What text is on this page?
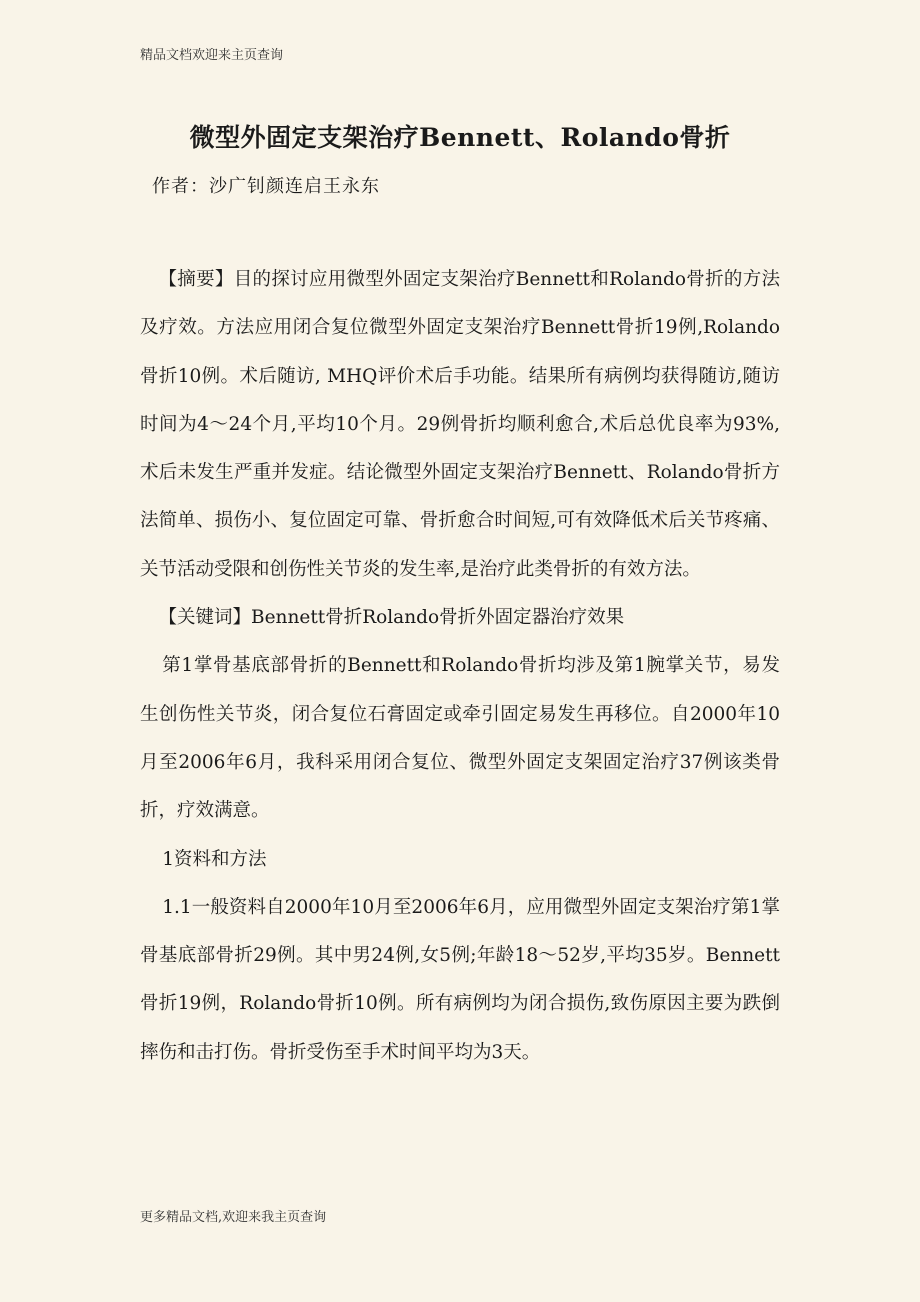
精品文档欢迎来主页查询
微型外固定支架治疗Bennett、Rolando骨折
作者：沙广钊颜连启王永东

【摘要】目的探讨应用微型外固定支架治疗Bennett和Rolando骨折的方法及疗效。方法应用闭合复位微型外固定支架治疗Bennett骨折19例,Rolando骨折10例。术后随访, MHQ评价术后手功能。结果所有病例均获得随访,随访时间为4～24个月,平均10个月。29例骨折均顺利愈合,术后总优良率为93%,术后未发生严重并发症。结论微型外固定支架治疗Bennett、Rolando骨折方法简单、损伤小、复位固定可靠、骨折愈合时间短,可有效降低术后关节疼痛、关节活动受限和创伤性关节炎的发生率,是治疗此类骨折的有效方法。

【关键词】Bennett骨折Rolando骨折外固定器治疗效果

第1掌骨基底部骨折的Bennett和Rolando骨折均涉及第1腕掌关节，易发生创伤性关节炎，闭合复位石膏固定或牵引固定易发生再移位。自2000年10月至2006年6月，我科采用闭合复位、微型外固定支架固定治疗37例该类骨折，疗效满意。

1资料和方法

1.1一般资料自2000年10月至2006年6月，应用微型外固定支架治疗第1掌骨基底部骨折29例。其中男24例,女5例;年龄18～52岁,平均35岁。Bennett骨折19例，Rolando骨折10例。所有病例均为闭合损伤,致伤原因主要为跌倒摔伤和击打伤。骨折受伤至手术时间平均为3天。

更多精品文档,欢迎来我主页查询
